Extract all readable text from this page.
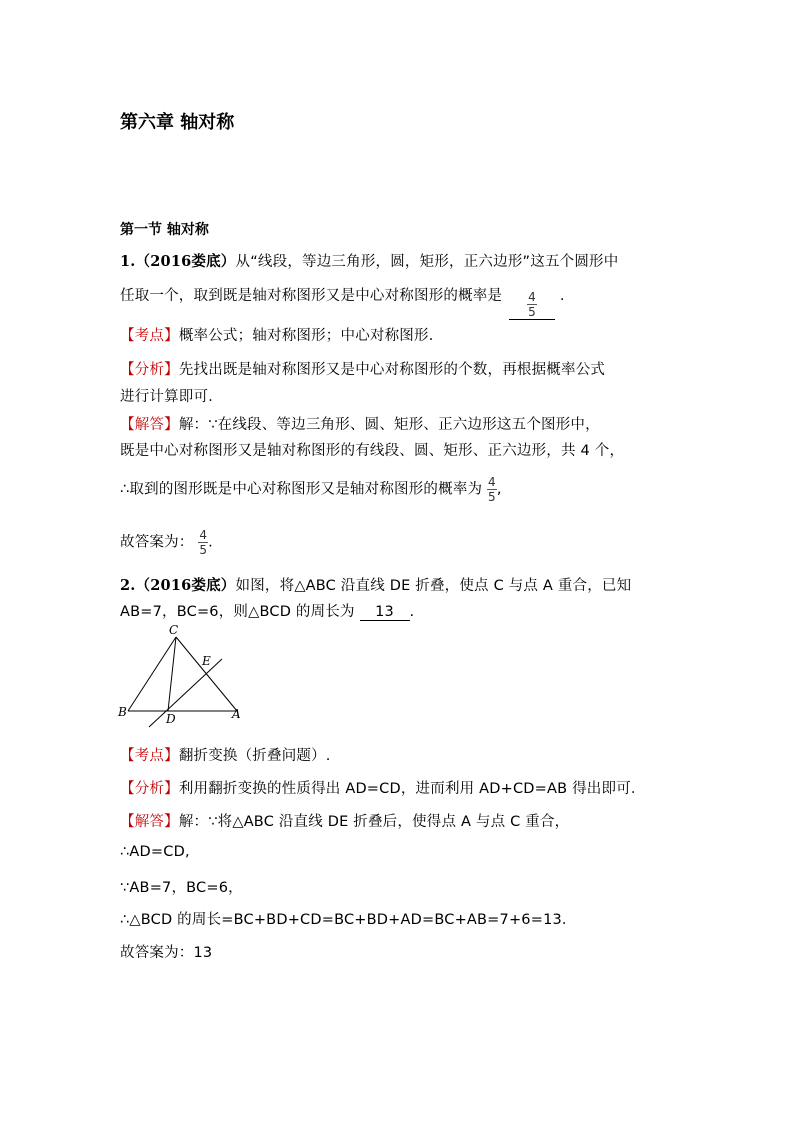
第六章 轴对称
第一节 轴对称
1.（2016娄底）从“线段，等边三角形，圆，矩形，正六边形”这五个圆形中
任取一个，取到既是轴对称图形又是中心对称图形的概率是 $\frac{4}{5}$ .
【考点】概率公式；轴对称图形；中心对称图形．
【分析】先找出既是轴对称图形又是中心对称图形的个数，再根据概率公式
进行计算即可．
【解答】解：∵在线段、等边三角形、圆、矩形、正六边形这五个图形中，
既是中心对称图形又是轴对称图形的有线段、圆、矩形、正六边形，共 4 个，
∴取到的图形既是中心对称图形又是轴对称图形的概率为 $\frac{4}{5}$ ,
故答案为： $\frac{4}{5}$ .
2.（2016娄底）如图，将△ABC 沿直线 DE 折叠，使点 C 与点 A 重合，已知
AB=7，BC=6，则△BCD 的周长为 13 .
C
E
B	D	A
【考点】翻折变换（折叠问题）.
【分析】利用翻折变换的性质得出 AD=CD，进而利用 AD+CD=AB 得出即可．
【解答】解：∵将△ABC 沿直线 DE 折叠后，使得点 A 与点 C 重合，
∴AD=CD,
∵AB=7，BC=6，
∴△BCD 的周长=BC+BD+CD=BC+BD+AD=BC+AB=7+6=13．
故答案为：13
